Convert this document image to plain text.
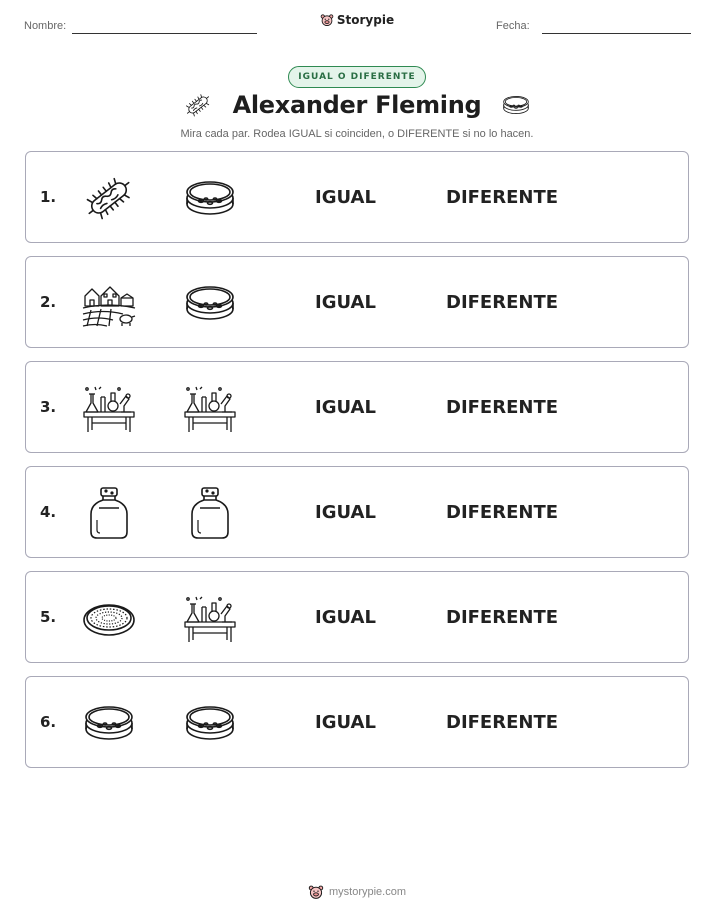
Nombre:	Storypie	Fecha:
IGUAL O DIFERENTE
Alexander Fleming
Mira cada par. Rodea IGUAL si coinciden, o DIFERENTE si no lo hacen.
1.	IGUAL	DIFERENTE
2.	IGUAL	DIFERENTE
3.	IGUAL	DIFERENTE
4.	IGUAL	DIFERENTE
5.	IGUAL	DIFERENTE
6.	IGUAL	DIFERENTE
mystorypie.com
